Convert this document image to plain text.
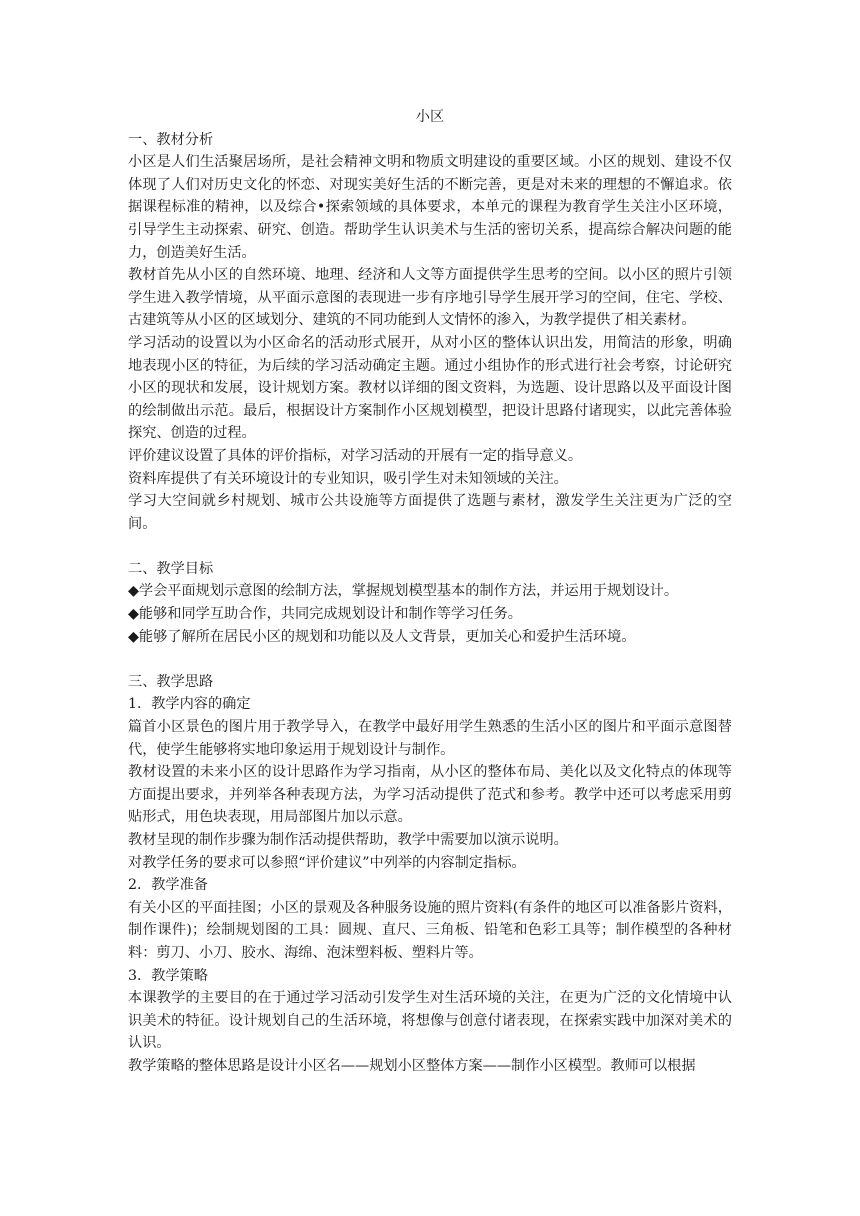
小区

一、教材分析

小区是人们生活聚居场所，是社会精神文明和物质文明建设的重要区域。小区的规划、建设不仅体现了人们对历史文化的怀恋、对现实美好生活的不断完善，更是对未来的理想的不懈追求。依据课程标准的精神，以及综合•探索领域的具体要求，本单元的课程为教育学生关注小区环境，引导学生主动探索、研究、创造。帮助学生认识美术与生活的密切关系，提高综合解决问题的能力，创造美好生活。

教材首先从小区的自然环境、地理、经济和人文等方面提供学生思考的空间。以小区的照片引领学生进入教学情境，从平面示意图的表现进一步有序地引导学生展开学习的空间，住宅、学校、古建筑等从小区的区域划分、建筑的不同功能到人文情怀的渗入，为教学提供了相关素材。

学习活动的设置以为小区命名的活动形式展开，从对小区的整体认识出发，用简洁的形象，明确地表现小区的特征，为后续的学习活动确定主题。通过小组协作的形式进行社会考察，讨论研究小区的现状和发展，设计规划方案。教材以详细的图文资料，为选题、设计思路以及平面设计图的绘制做出示范。最后，根据设计方案制作小区规划模型，把设计思路付诸现实，以此完善体验探究、创造的过程。

评价建议设置了具体的评价指标，对学习活动的开展有一定的指导意义。

资料库提供了有关环境设计的专业知识，吸引学生对未知领域的关注。

学习大空间就乡村规划、城市公共设施等方面提供了选题与素材，激发学生关注更为广泛的空间。

二、教学目标

◆学会平面规划示意图的绘制方法，掌握规划模型基本的制作方法，并运用于规划设计。

◆能够和同学互助合作，共同完成规划设计和制作等学习任务。

◆能够了解所在居民小区的规划和功能以及人文背景，更加关心和爱护生活环境。

三、教学思路

1．教学内容的确定

篇首小区景色的图片用于教学导入，在教学中最好用学生熟悉的生活小区的图片和平面示意图替代，使学生能够将实地印象运用于规划设计与制作。

教材设置的未来小区的设计思路作为学习指南，从小区的整体布局、美化以及文化特点的体现等方面提出要求，并列举各种表现方法，为学习活动提供了范式和参考。教学中还可以考虑采用剪贴形式，用色块表现，用局部图片加以示意。

教材呈现的制作步骤为制作活动提供帮助，教学中需要加以演示说明。

对教学任务的要求可以参照“评价建议”中列举的内容制定指标。

2．教学准备

有关小区的平面挂图；小区的景观及各种服务设施的照片资料(有条件的地区可以准备影片资料，制作课件)；绘制规划图的工具：圆规、直尺、三角板、铅笔和色彩工具等；制作模型的各种材料：剪刀、小刀、胶水、海绵、泡沫塑料板、塑料片等。

3．教学策略

本课教学的主要目的在于通过学习活动引发学生对生活环境的关注，在更为广泛的文化情境中认识美术的特征。设计规划自己的生活环境，将想像与创意付诸表现，在探索实践中加深对美术的认识。

教学策略的整体思路是设计小区名——规划小区整体方案——制作小区模型。教师可以根据
